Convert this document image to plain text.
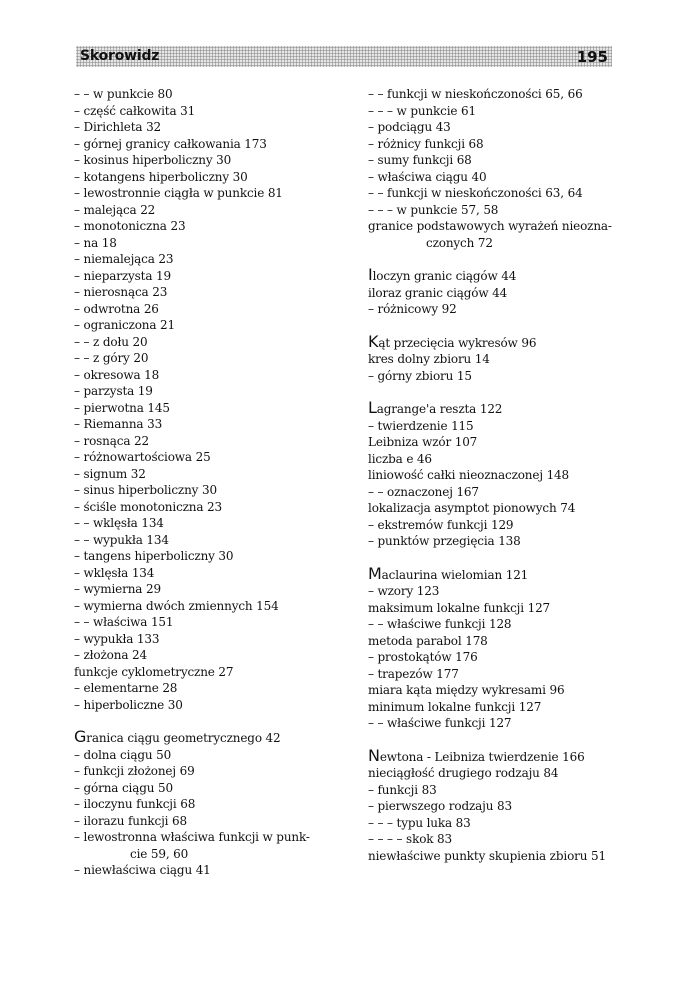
Skorowidz	195
– – w punkcie 80
– część całkowita 31
– Dirichleta 32
– górnej granicy całkowania 173
– kosinus hiperboliczny 30
– kotangens hiperboliczny 30
– lewostronnie ciągła w punkcie 81
– malejąca 22
– monotoniczna 23
– na 18
– niemalejąca 23
– nieparzysta 19
– nierosnąca 23
– odwrotna 26
– ograniczona 21
– – z dołu 20
– – z góry 20
– okresowa 18
– parzysta 19
– pierwotna 145
– Riemanna 33
– rosnąca 22
– różnowartościowa 25
– signum 32
– sinus hiperboliczny 30
– ściśle monotoniczna 23
– – wklęsła 134
– – wypukła 134
– tangens hiperboliczny 30
– wklęsła 134
– wymierna 29
– wymierna dwóch zmiennych 154
– – właściwa 151
– wypukła 133
– złożona 24
funkcje cyklometryczne 27
– elementarne 28
– hiperboliczne 30
Granica ciągu geometrycznego 42
– dolna ciągu 50
– funkcji złożonej 69
– górna ciągu 50
– iloczynu funkcji 68
– ilorazu funkcji 68
– lewostronna właściwa funkcji w punk-
cie 59, 60
– niewłaściwa ciągu 41
– – funkcji w nieskończoności 65, 66
– – – w punkcie 61
– podciągu 43
– różnicy funkcji 68
– sumy funkcji 68
– właściwa ciągu 40
– – funkcji w nieskończoności 63, 64
– – – w punkcie 57, 58
granice podstawowych wyrażeń nieozna-
czonych 72
Iloczyn granic ciągów 44
iloraz granic ciągów 44
– różnicowy 92
Kąt przecięcia wykresów 96
kres dolny zbioru 14
– górny zbioru 15
Lagrange'a reszta 122
– twierdzenie 115
Leibniza wzór 107
liczba e 46
liniowość całki nieoznaczonej 148
– – oznaczonej 167
lokalizacja asymptot pionowych 74
– ekstremów funkcji 129
– punktów przegięcia 138
Maclaurina wielomian 121
– wzory 123
maksimum lokalne funkcji 127
– – właściwe funkcji 128
metoda parabol 178
– prostokątów 176
– trapezów 177
miara kąta między wykresami 96
minimum lokalne funkcji 127
– – właściwe funkcji 127
Newtona - Leibniza twierdzenie 166
nieciągłość drugiego rodzaju 84
– funkcji 83
– pierwszego rodzaju 83
– – – typu luka 83
– – – – skok 83
niewłaściwe punkty skupienia zbioru 51
